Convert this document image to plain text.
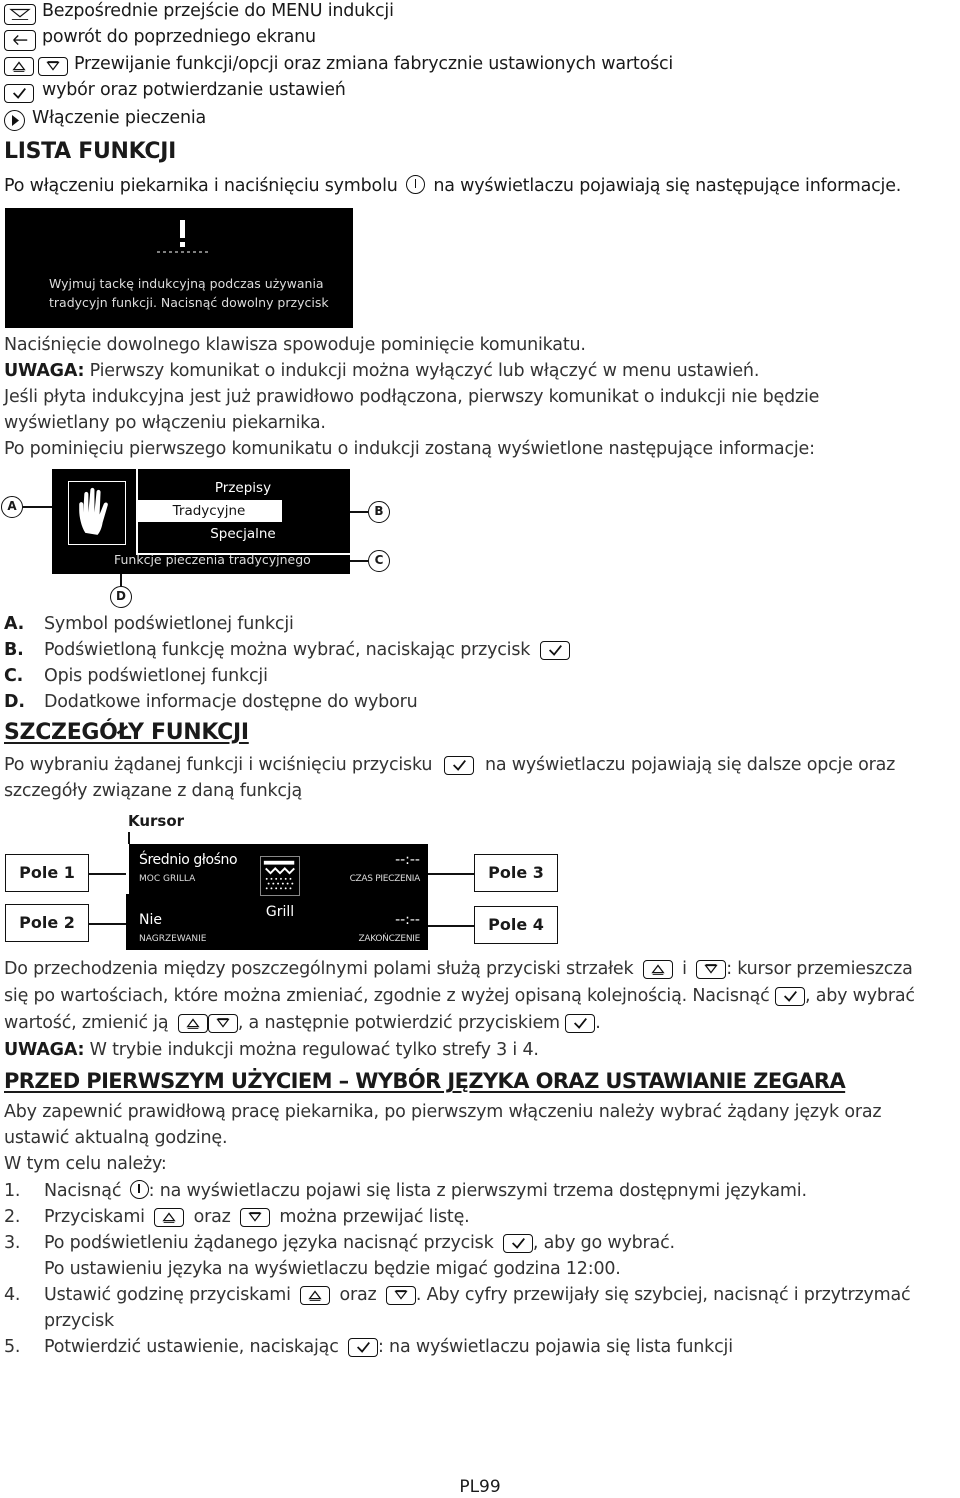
Bezpośrednie przejście do MENU indukcji
powrót do poprzedniego ekranu
Przewijanie funkcji/opcji oraz zmiana fabrycznie ustawionych wartości
wybór oraz potwierdzanie ustawień
Włączenie pieczenia
LISTA FUNKCJI
Po włączeniu piekarnika i naciśnięciu symbolu na wyświetlaczu pojawiają się następujące informacje.
Wyjmuj tackę indukcyjną podczas używania
tradycyjn funkcji. Nacisnąć dowolny przycisk
Naciśnięcie dowolnego klawisza spowoduje pominięcie komunikatu.
UWAGA: Pierwszy komunikat o indukcji można wyłączyć lub włączyć w menu ustawień.
Jeśli płyta indukcyjna jest już prawidłowo podłączona, pierwszy komunikat o indukcji nie będzie
wyświetlany po włączeniu piekarnika.
Po pominięciu pierwszego komunikatu o indukcji zostaną wyświetlone następujące informacje:
Przepisy
Tradycyjne
Specjalne
Funkcje pieczenia tradycyjnego
A	B
C
D
A. Symbol podświetlonej funkcji
B. Podświetloną funkcję można wybrać, naciskając przycisk
C. Opis podświetlonej funkcji
D. Dodatkowe informacje dostępne do wyboru
SZCZEGÓŁY FUNKCJI
Po wybraniu żądanej funkcji i wciśnięciu przycisku	na wyświetlaczu pojawiają się dalsze opcje oraz
szczegóły związane z daną funkcją
Kursor
Pole 1
Pole 2
Pole 3
Pole 4
Średnio głośno
MOC GRILLA
Nie
NAGRZEWANIE
Grill
--:--
CZAS PIECZENIA
--:--
ZAKOŃCZENIE
Do przechodzenia między poszczególnymi polami służą przyciski strzałek	i : kursor przemieszcza
się po wartościach, które można zmieniać, zgodnie z wyżej opisaną kolejnością. Nacisnąć , aby wybrać
wartość, zmienić ją	, a następnie potwierdzić przyciskiem .
UWAGA: W trybie indukcji można regulować tylko strefy 3 i 4.
PRZED PIERWSZYM UŻYCIEM – WYBÓR JĘZYKA ORAZ USTAWIANIE ZEGARA
Aby zapewnić prawidłową pracę piekarnika, po pierwszym włączeniu należy wybrać żądany język oraz
ustawić aktualną godzinę.
W tym celu należy:
1. Nacisnąć : na wyświetlaczu pojawi się lista z pierwszymi trzema dostępnymi językami.
2. Przyciskami	oraz	można przewijać listę.
3. Po podświetleniu żądanego języka nacisnąć przycisk , aby go wybrać.
Po ustawieniu języka na wyświetlaczu będzie migać godzina 12:00.
4. Ustawić godzinę przyciskami	oraz . Aby cyfry przewijały się szybciej, nacisnąć i przytrzymać
przycisk
5. Potwierdzić ustawienie, naciskając : na wyświetlaczu pojawia się lista funkcji
PL99
